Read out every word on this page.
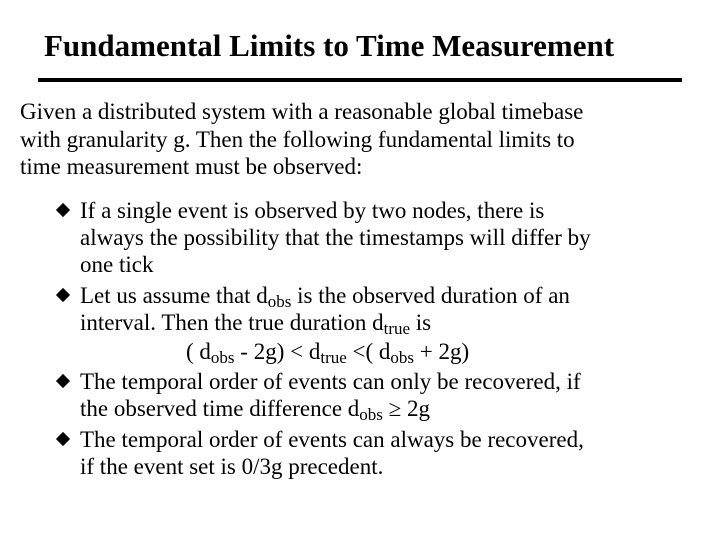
Fundamental Limits to Time Measurement
Given a distributed system with a reasonable global timebase
with granularity g. Then the following fundamental limits to
time measurement must be observed:
If a single event is observed by two nodes, there is
always the possibility that the timestamps will differ by
one tick
Let us assume that dobs is the observed duration of an
interval. Then the true duration dtrue is
( dobs - 2g) < dtrue <( dobs + 2g)
The temporal order of events can only be recovered, if
the observed time difference dobs ≥ 2g
The temporal order of events can always be recovered,
if the event set is 0/3g precedent.
